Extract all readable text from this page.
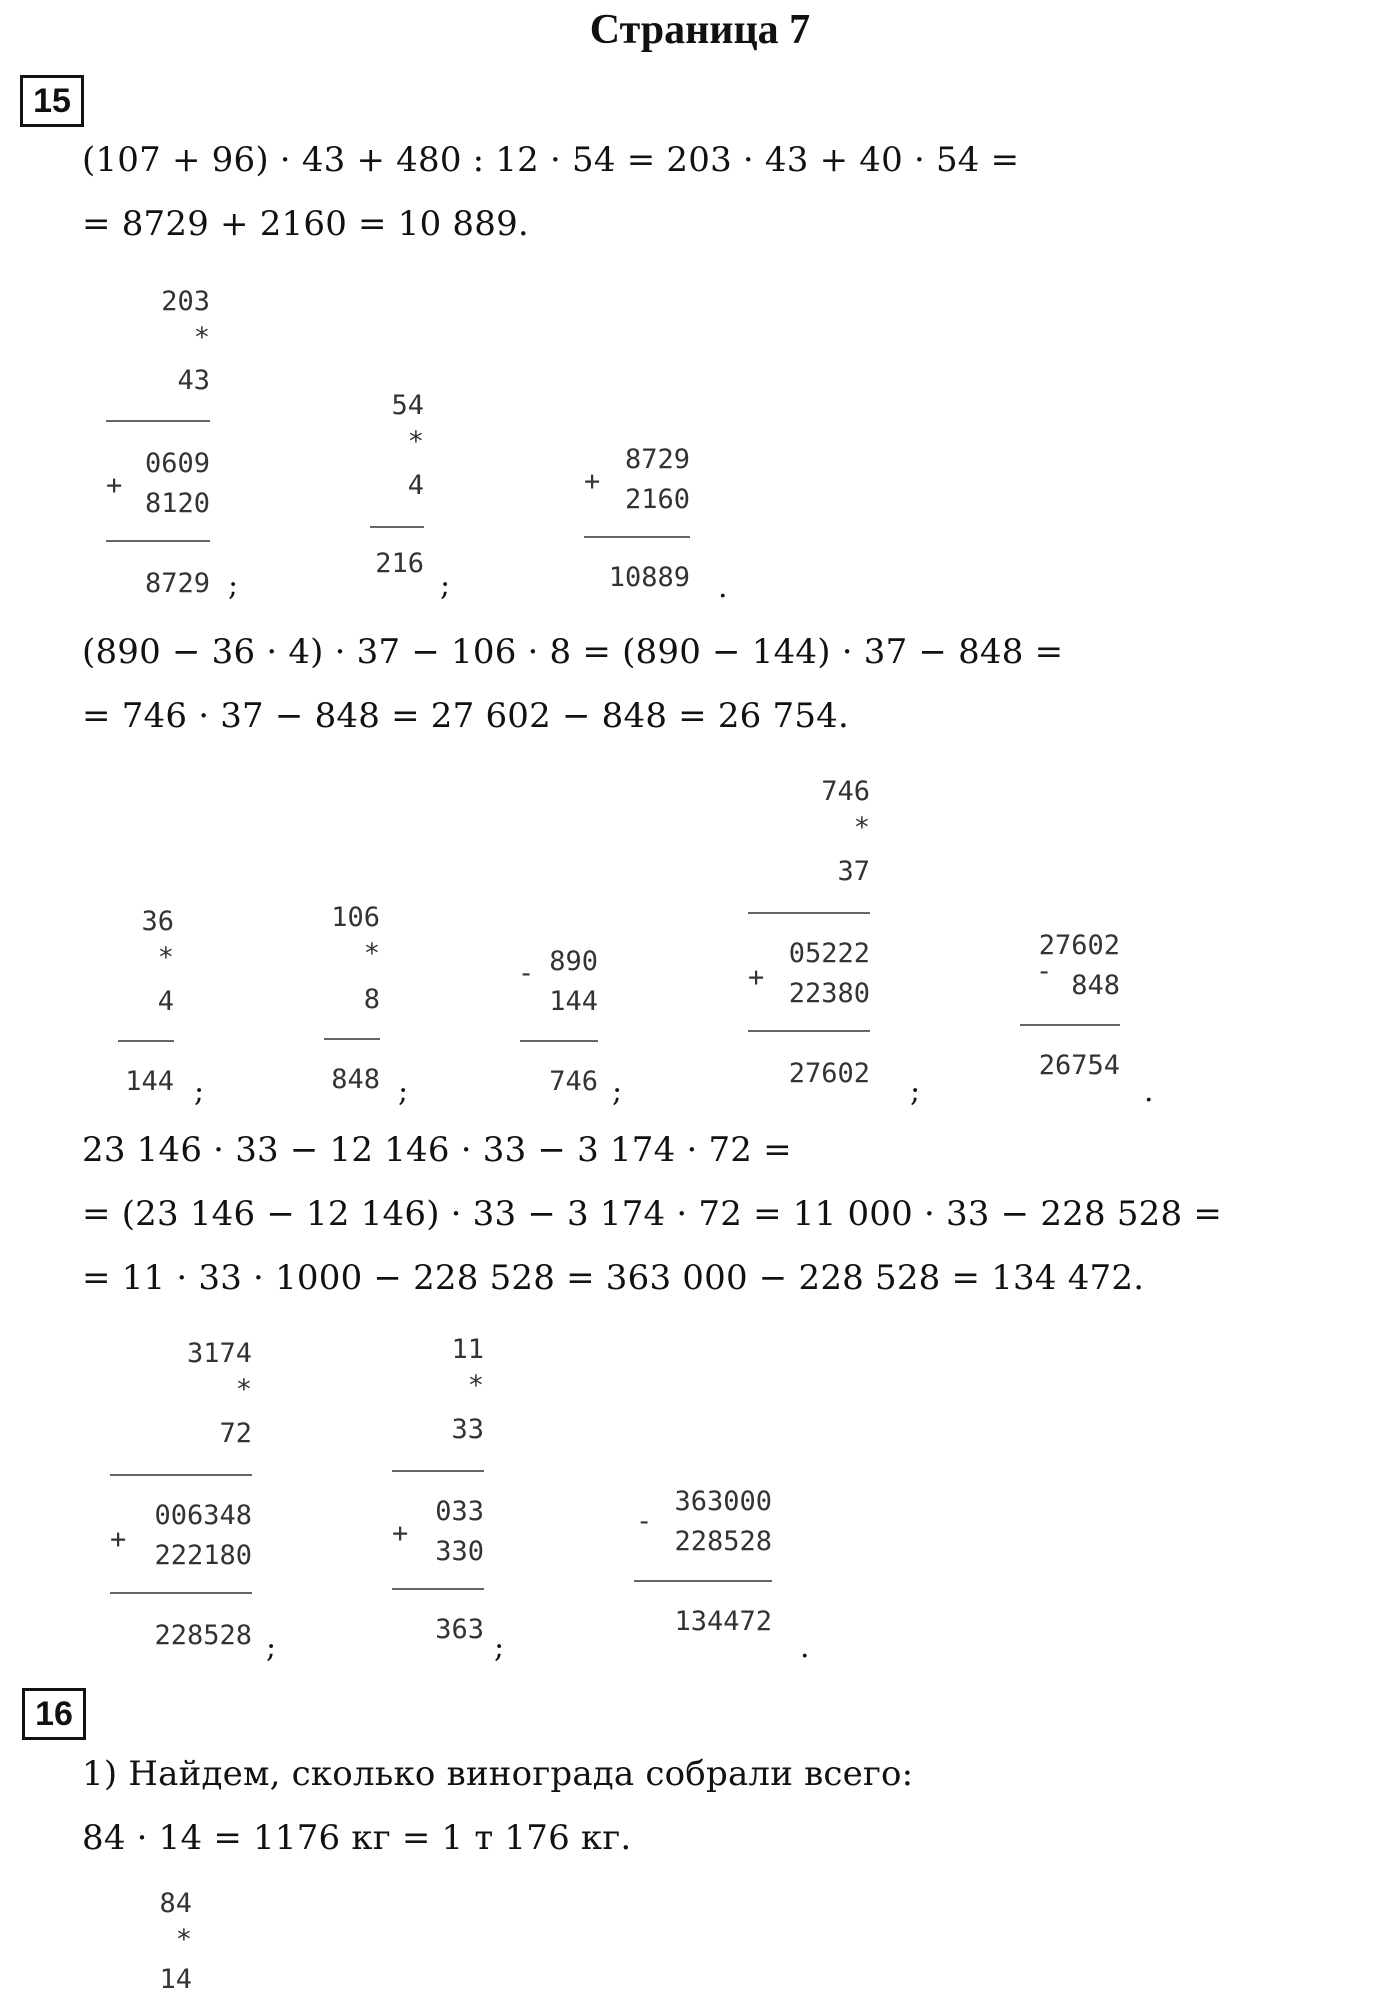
Страница 7
15
(107 + 96) · 43 + 480 : 12 · 54 = 203 · 43 + 40 · 54 =
= 8729 + 2160 = 10 889.
203
*
43
+
0609
8120
8729 ;
54
*
4
216
;
+
8729
2160
10889 .
(890 − 36 · 4) · 37 − 106 · 8 = (890 − 144) · 37 − 848 =
= 746 · 37 − 848 = 27 602 − 848 = 26 754.
36
*
4
144 ;
106
*
8
848 ;
- 890
144
746 ;
746
*
37
+
05222
22380
27602
;
27602
- 848
26754
.
23 146 · 33 − 12 146 · 33 − 3 174 · 72 =
= (23 146 − 12 146) · 33 − 3 174 · 72 = 11 000 · 33 − 228 528 =
= 11 · 33 · 1000 − 228 528 = 363 000 − 228 528 = 134 472.
3174
*
72
+
006348
222180
228528 ;
11
*
33
+
033
330
363
;
-
363000
228528
134472
.
16
1) Найдем, сколько винограда собрали всего:
84 · 14 = 1176 кг = 1 т 176 кг.
84
*
14
